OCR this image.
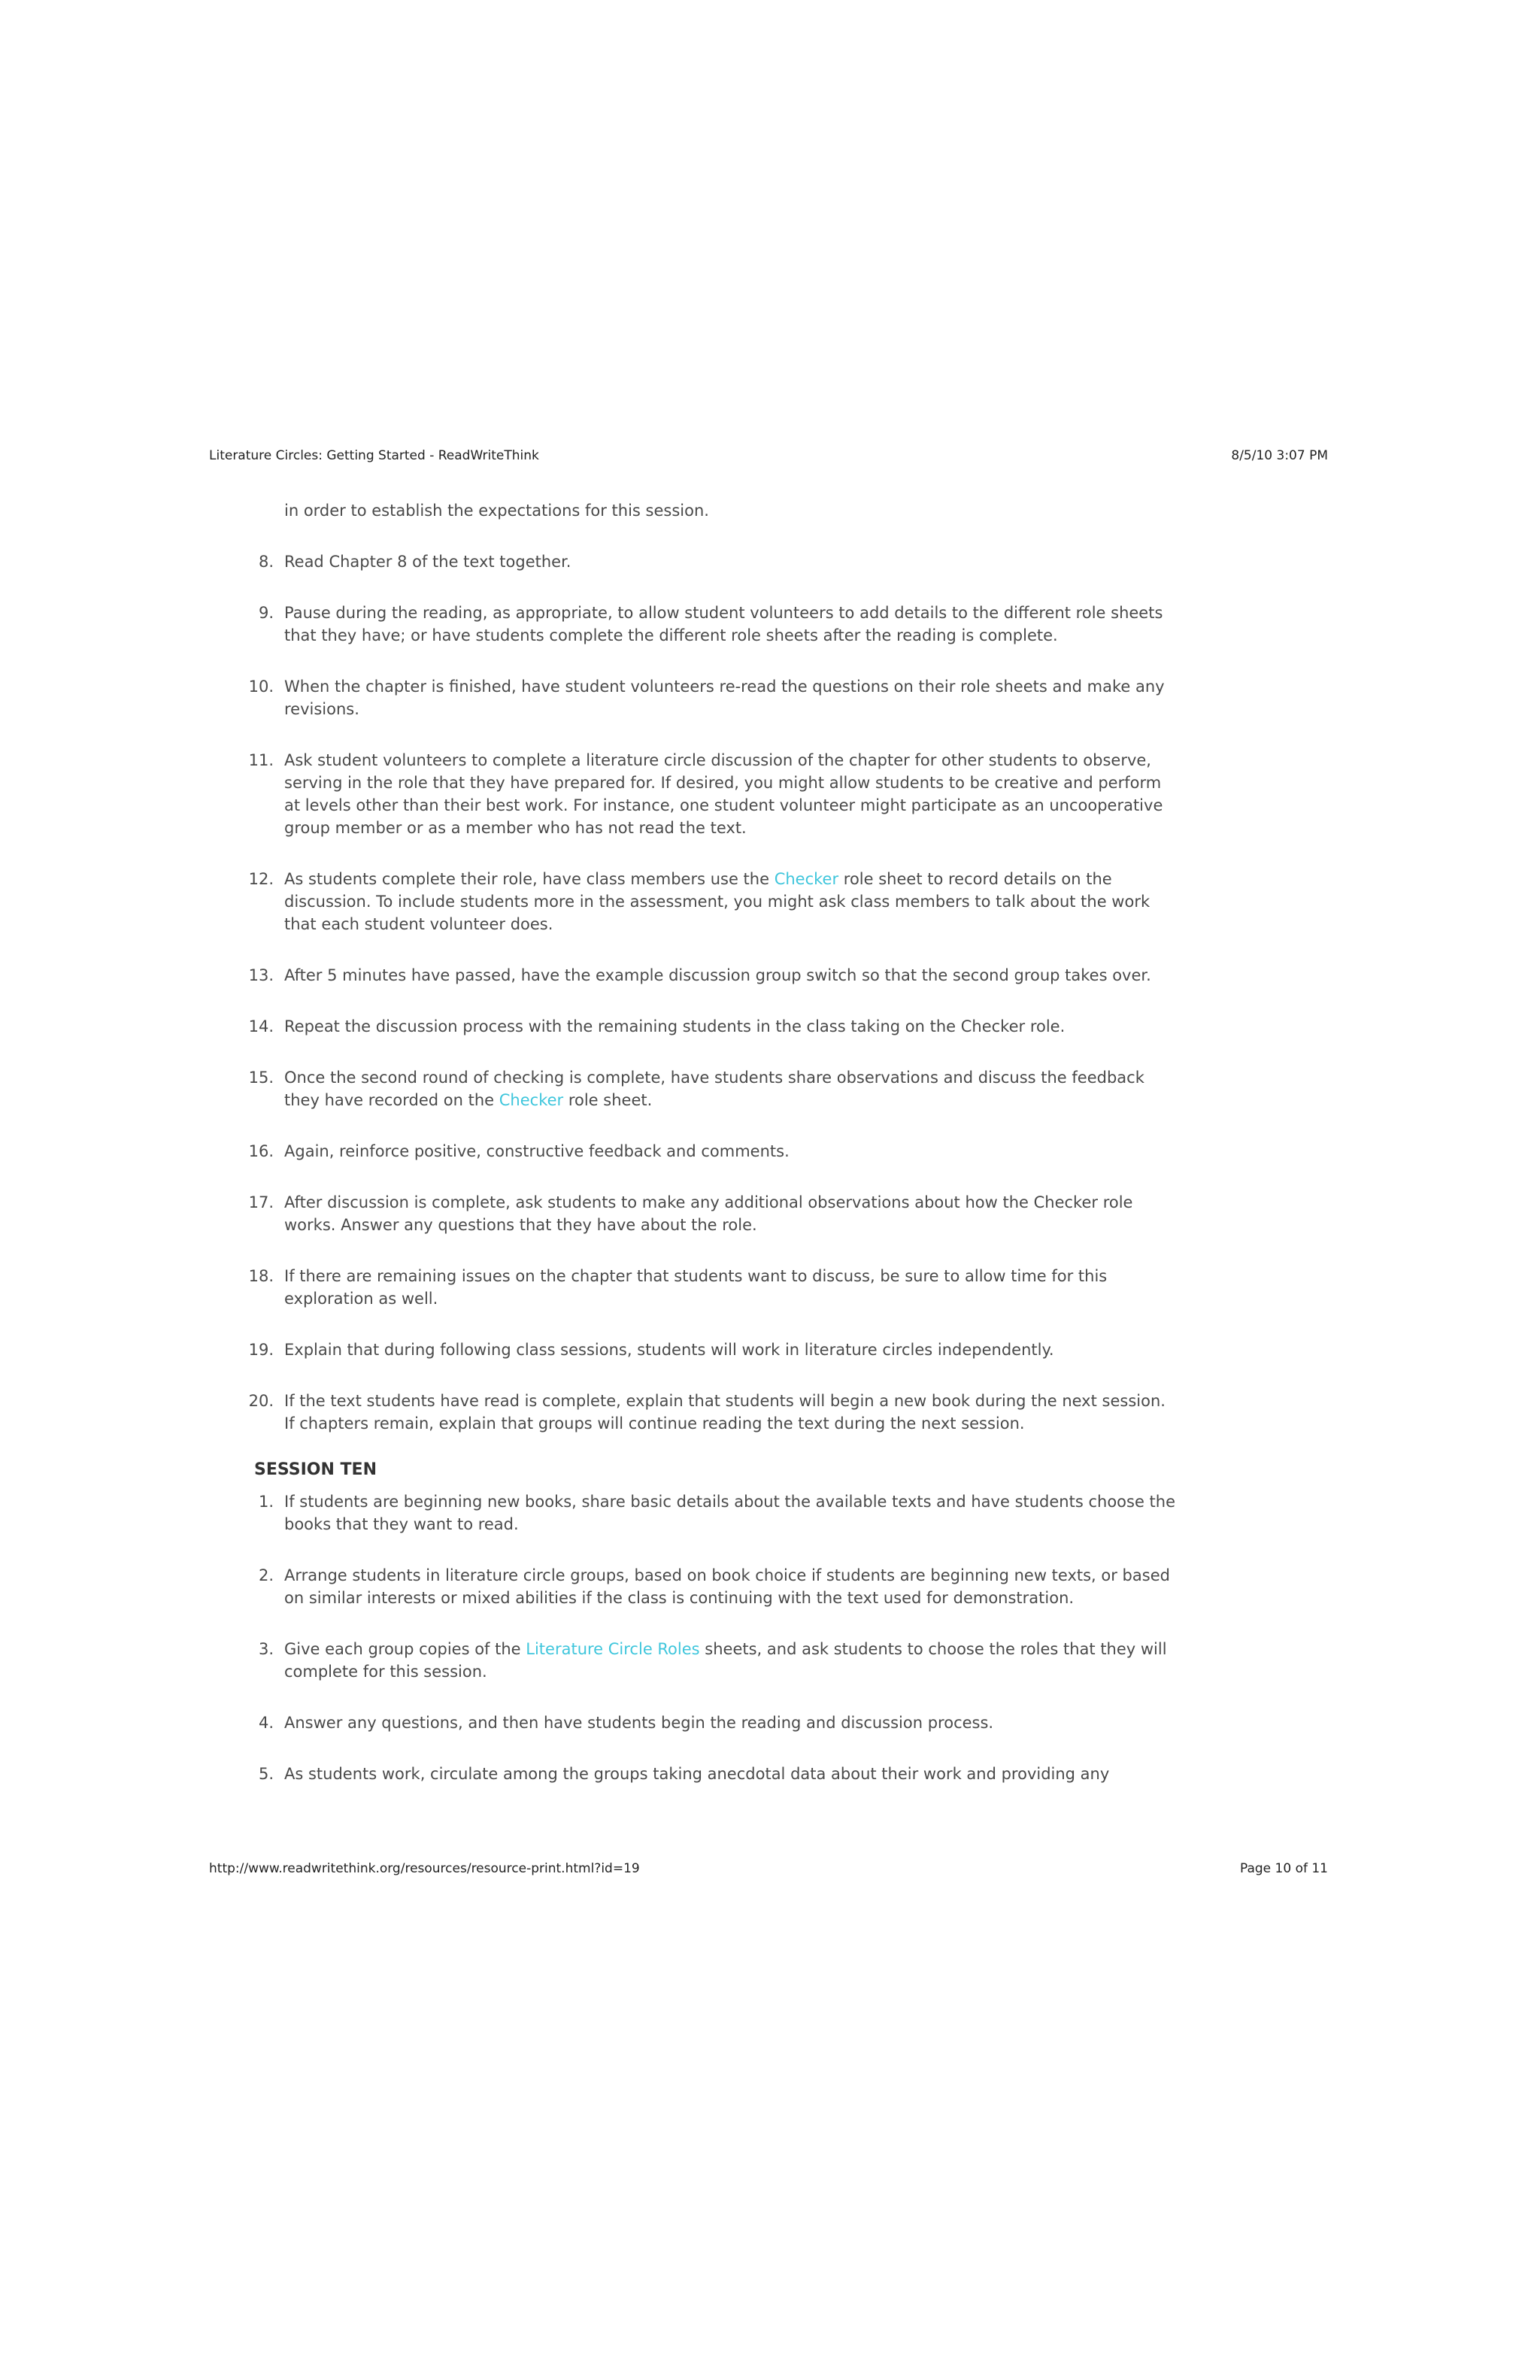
Literature Circles: Getting Started - ReadWriteThink	8/5/10 3:07 PM
in order to establish the expectations for this session.
8. Read Chapter 8 of the text together.
9. Pause during the reading, as appropriate, to allow student volunteers to add details to the different role sheets that they have; or have students complete the different role sheets after the reading is complete.
10. When the chapter is finished, have student volunteers re-read the questions on their role sheets and make any revisions.
11. Ask student volunteers to complete a literature circle discussion of the chapter for other students to observe, serving in the role that they have prepared for. If desired, you might allow students to be creative and perform at levels other than their best work. For instance, one student volunteer might participate as an uncooperative group member or as a member who has not read the text.
12. As students complete their role, have class members use the Checker role sheet to record details on the discussion. To include students more in the assessment, you might ask class members to talk about the work that each student volunteer does.
13. After 5 minutes have passed, have the example discussion group switch so that the second group takes over.
14. Repeat the discussion process with the remaining students in the class taking on the Checker role.
15. Once the second round of checking is complete, have students share observations and discuss the feedback they have recorded on the Checker role sheet.
16. Again, reinforce positive, constructive feedback and comments.
17. After discussion is complete, ask students to make any additional observations about how the Checker role works. Answer any questions that they have about the role.
18. If there are remaining issues on the chapter that students want to discuss, be sure to allow time for this exploration as well.
19. Explain that during following class sessions, students will work in literature circles independently.
20. If the text students have read is complete, explain that students will begin a new book during the next session. If chapters remain, explain that groups will continue reading the text during the next session.
SESSION TEN
1. If students are beginning new books, share basic details about the available texts and have students choose the books that they want to read.
2. Arrange students in literature circle groups, based on book choice if students are beginning new texts, or based on similar interests or mixed abilities if the class is continuing with the text used for demonstration.
3. Give each group copies of the Literature Circle Roles sheets, and ask students to choose the roles that they will complete for this session.
4. Answer any questions, and then have students begin the reading and discussion process.
5. As students work, circulate among the groups taking anecdotal data about their work and providing any
http://www.readwritethink.org/resources/resource-print.html?id=19	Page 10 of 11
